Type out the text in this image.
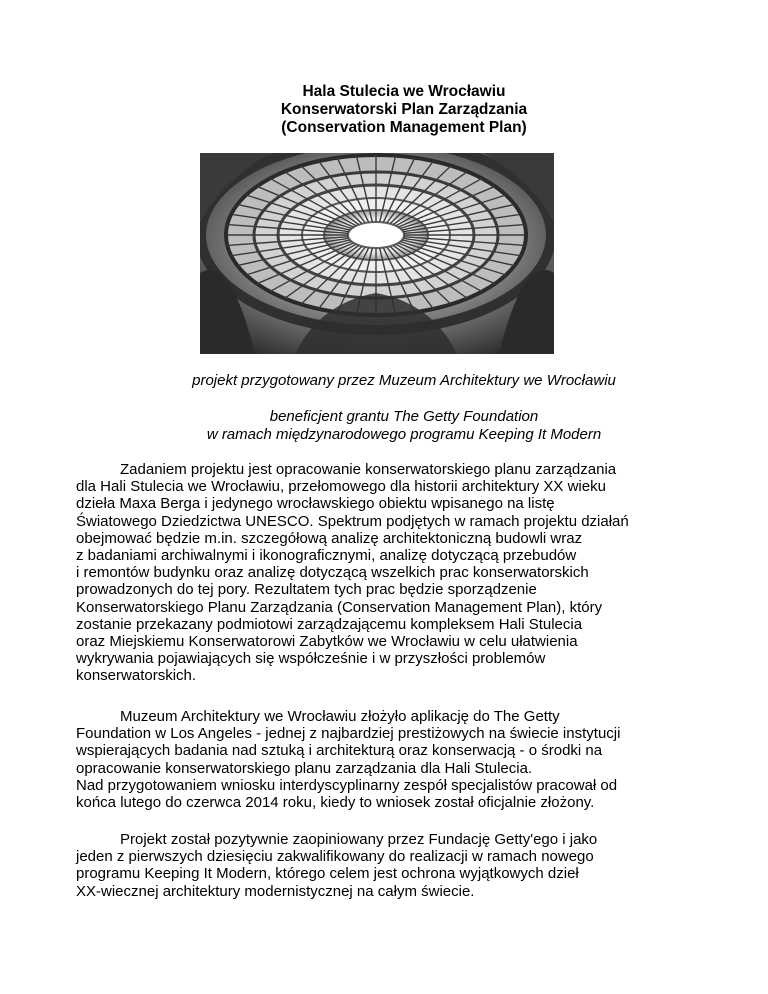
Hala Stulecia we Wrocławiu
Konserwatorski Plan Zarządzania
(Conservation Management Plan)
projekt przygotowany przez Muzeum Architektury we Wrocławiu
beneficjent grantu The Getty Foundation
w ramach międzynarodowego programu Keeping It Modern
Zadaniem projektu jest opracowanie konserwatorskiego planu zarządzania
dla Hali Stulecia we Wrocławiu, przełomowego dla historii architektury XX wieku
dzieła Maxa Berga i jedynego wrocławskiego obiektu wpisanego na listę
Światowego Dziedzictwa UNESCO. Spektrum podjętych w ramach projektu działań
obejmować będzie m.in. szczegółową analizę architektoniczną budowli wraz
z badaniami archiwalnymi i ikonograficznymi, analizę dotyczącą przebudów
i remontów budynku oraz analizę dotyczącą wszelkich prac konserwatorskich
prowadzonych do tej pory. Rezultatem tych prac będzie sporządzenie
Konserwatorskiego Planu Zarządzania (Conservation Management Plan), który
zostanie przekazany podmiotowi zarządzającemu kompleksem Hali Stulecia
oraz Miejskiemu Konserwatorowi Zabytków we Wrocławiu w celu ułatwienia
wykrywania pojawiających się współcześnie i w przyszłości problemów
konserwatorskich.
Muzeum Architektury we Wrocławiu złożyło aplikację do The Getty
Foundation w Los Angeles - jednej z najbardziej prestiżowych na świecie instytucji
wspierających badania nad sztuką i architekturą oraz konserwacją - o środki na
opracowanie konserwatorskiego planu zarządzania dla Hali Stulecia.
Nad przygotowaniem wniosku interdyscyplinarny zespół specjalistów pracował od
końca lutego do czerwca 2014 roku, kiedy to wniosek został oficjalnie złożony.
Projekt został pozytywnie zaopiniowany przez Fundację Getty'ego i jako
jeden z pierwszych dziesięciu zakwalifikowany do realizacji w ramach nowego
programu Keeping It Modern, którego celem jest ochrona wyjątkowych dzieł
XX-wiecznej architektury modernistycznej na całym świecie.
